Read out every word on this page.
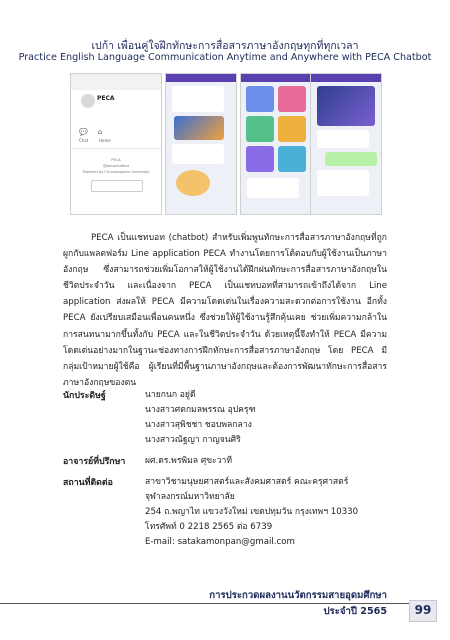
เปก้า เพื่อนคู่ใจฝึกทักษะการสื่อสารภาษาอังกฤษทุกที่ทุกเวลา
Practice English Language Communication Anytime and Anywhere with PECA Chatbot
PECA
💬⌂
Chat	Home
PECA
@pecachatbot
Powered by Chulalongkorn University

PECA เป็นแชทบอท (chatbot) สำหรับเพิ่มพูนทักษะการสื่อสารภาษาอังกฤษที่ถูกผูกกับแพลตฟอร์ม Line application PECA ทำงานโดยการโต้ตอบกับผู้ใช้งานเป็นภาษาอังกฤษ ซึ่งสามารถช่วยเพิ่มโอกาสให้ผู้ใช้งานได้ฝึกฝนทักษะการสื่อสารภาษาอังกฤษในชีวิตประจำวัน และเนื่องจาก PECA เป็นแชทบอทที่สามารถเข้าถึงได้จาก Line application ส่งผลให้ PECA มีความโดดเด่นในเรื่องความสะดวกต่อการใช้งาน อีกทั้ง PECA ยังเปรียบเสมือนเพื่อนคนหนึ่ง ซึ่งช่วยให้ผู้ใช้งานรู้สึกคุ้นเคย ช่วยเพิ่มความกล้าในการสนทนามากขึ้นทั้งกับ PECA และในชีวิตประจำวัน ด้วยเหตุนี้จึงทำให้ PECA มีความโดดเด่นอย่างมากในฐานะช่องทางการฝึกทักษะการสื่อสารภาษาอังกฤษ โดย PECA มีกลุ่มเป้าหมายผู้ใช้คือ ผู้เรียนที่มีพื้นฐานภาษาอังกฤษและต้องการพัฒนาทักษะการสื่อสารภาษาอังกฤษของตน

นักประดิษฐ์	นายกนก อยู่ดี
นางสาวศตกมลพรรณ อุปครุฑ
นางสาวสุพิชชา ชอบพลกลาง
นางสาวณัฐญา กาญจนศิริ
อาจารย์ที่ปรึกษา ผศ.ดร.พรพิมล ศุขะวาที
สถานที่ติดต่อ	สาขาวิชามนุษยศาสตร์และสังคมศาสตร์ คณะครุศาสตร์
จุฬาลงกรณ์มหาวิทยาลัย
254 ถ.พญาไท แขวงวังใหม่ เขตปทุมวัน กรุงเทพฯ 10330
โทรศัพท์ 0 2218 2565 ต่อ 6739
E-mail: satakamonpan@gmail.com
การประกวดผลงานนวัตกรรมสายอุดมศึกษา
ประจำปี 2565	99
